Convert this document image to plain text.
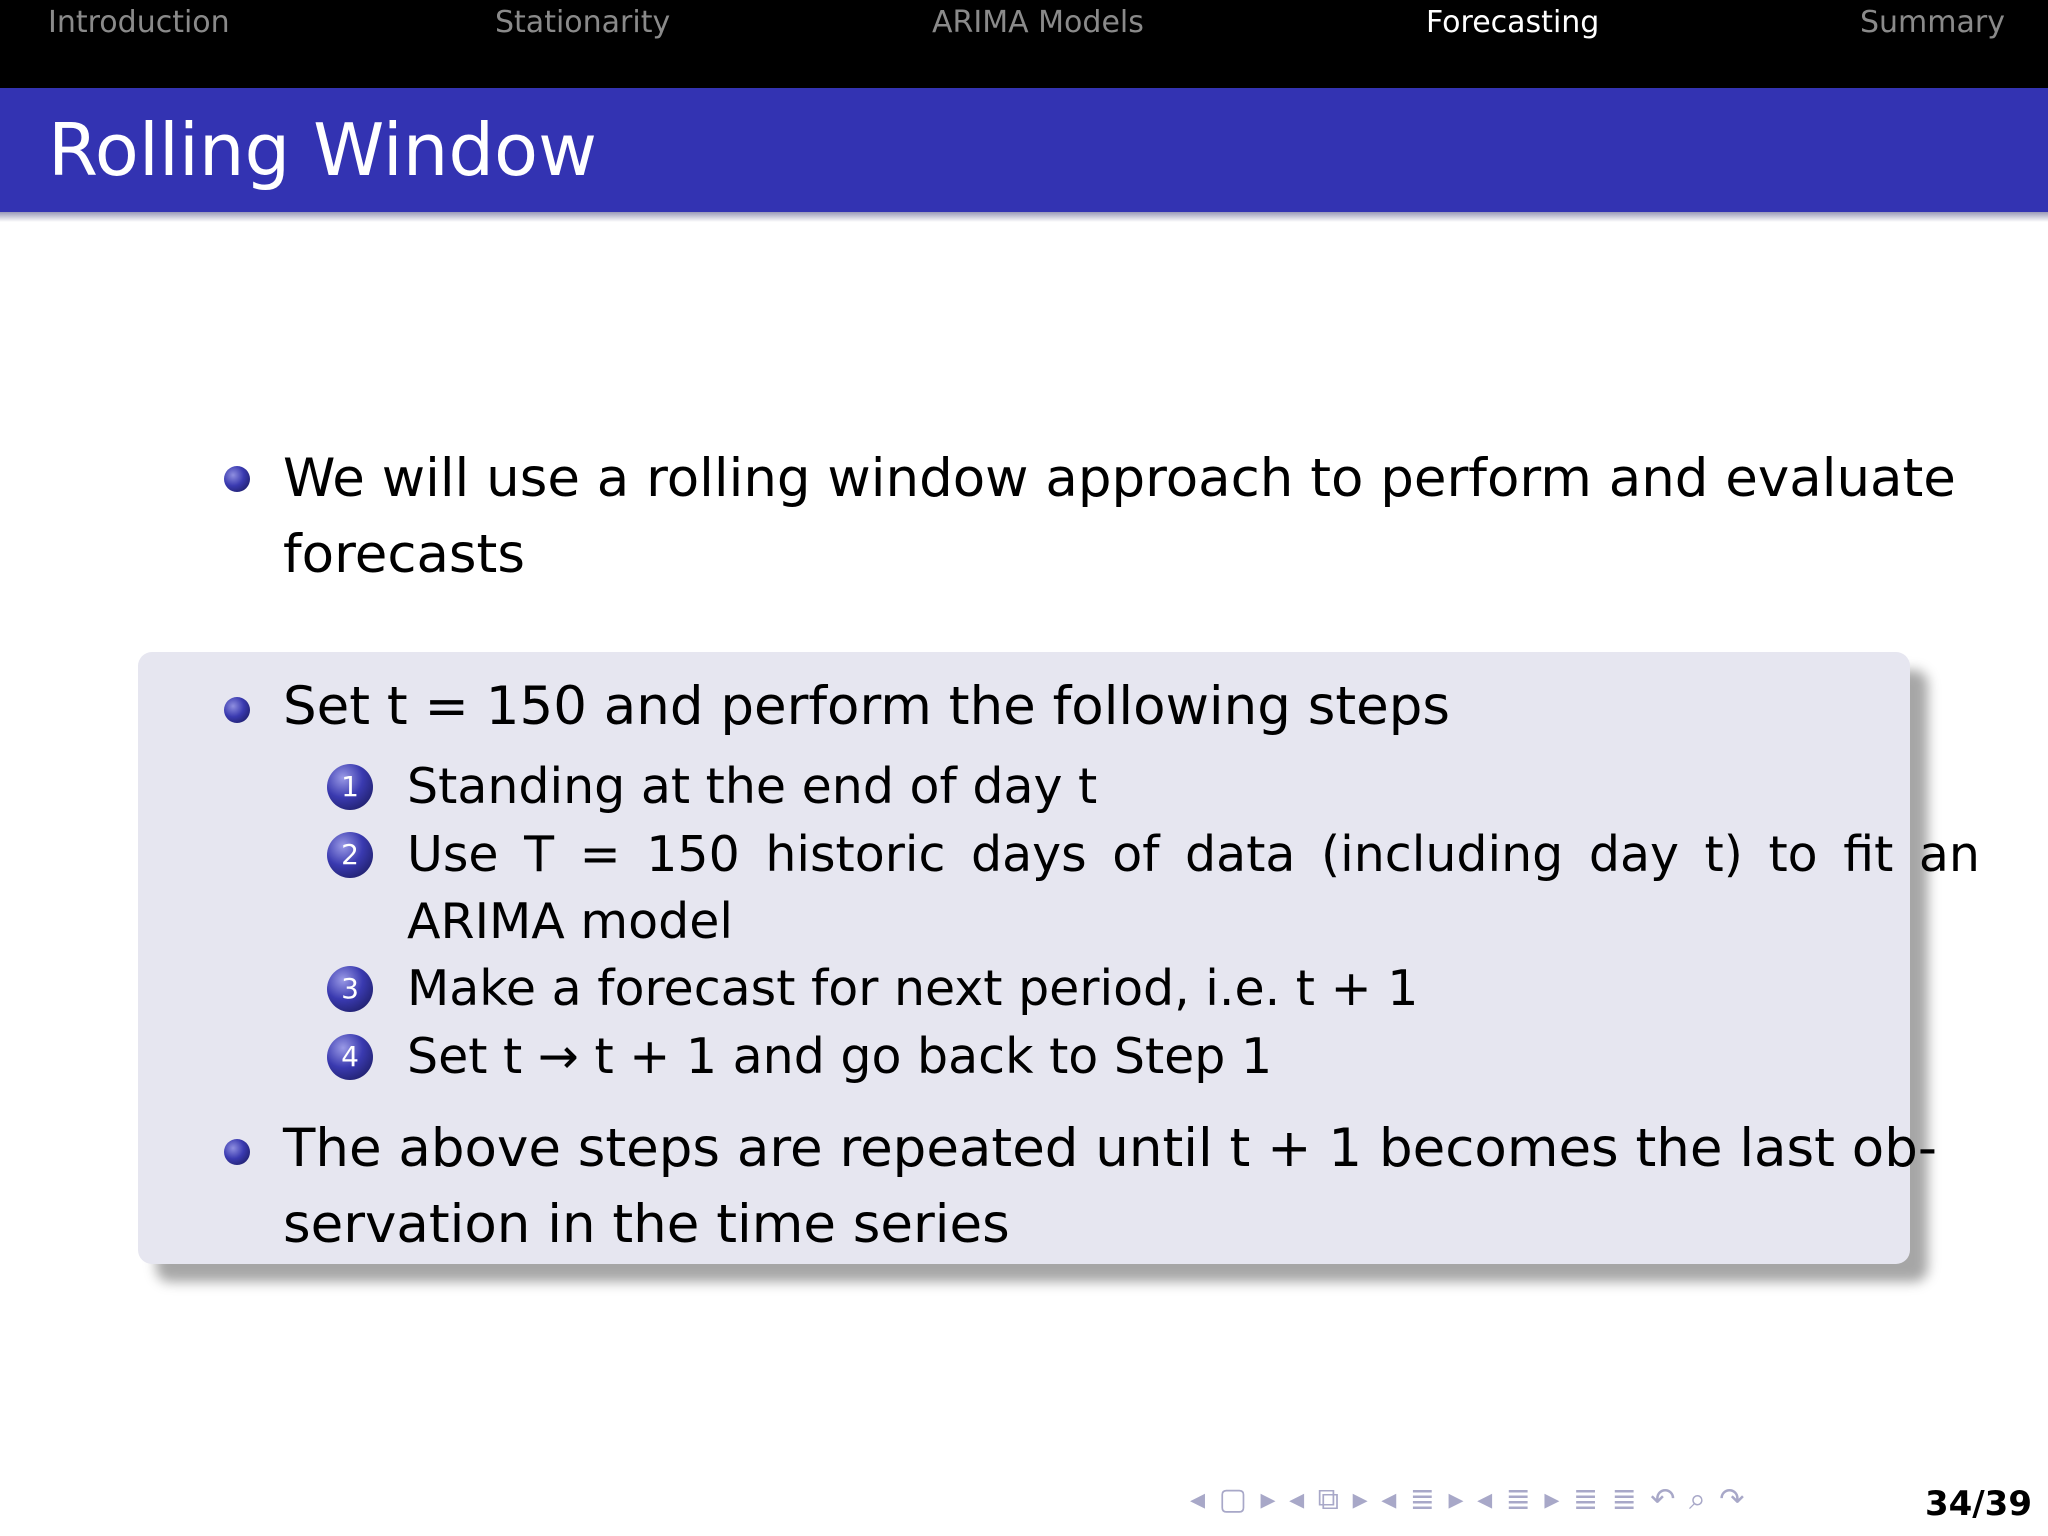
Introduction	Stationarity	ARIMA Models	Forecasting	Summary
Rolling Window
We will use a rolling window approach to perform and evaluate
forecasts
Set t = 150 and perform the following steps
1 Standing at the end of day t
2 Use T = 150 historic days of data (including day t) to fit an
ARIMA model
3 Make a forecast for next period, i.e. t + 1
4 Set t → t + 1 and go back to Step 1
The above steps are repeated until t + 1 becomes the last ob-
servation in the time series
◂ ▢ ▸ ◂ ⧉ ▸ ◂ ≣ ▸ ◂ ≣ ▸ ≣ ≣ ↶ ⌕ ↷	34/39
